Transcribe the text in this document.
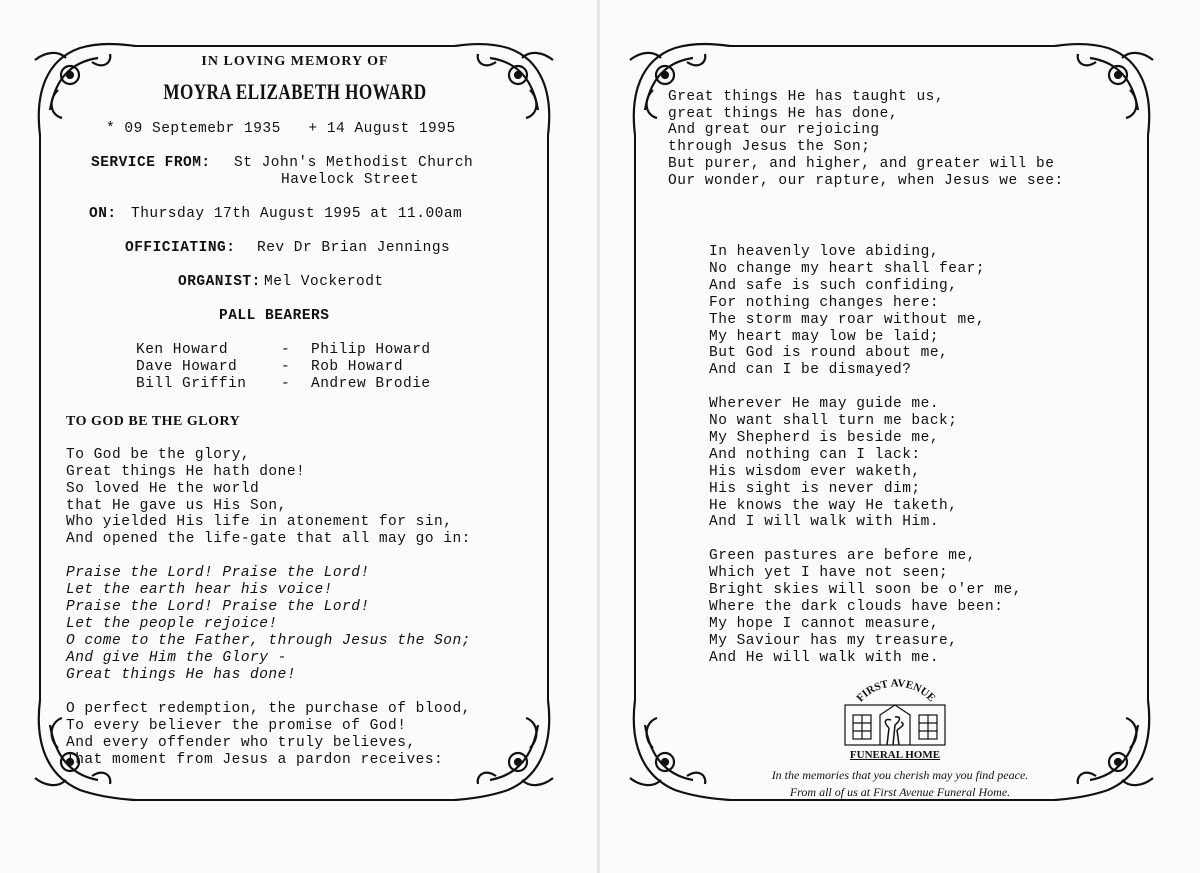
IN LOVING MEMORY OF
MOYRA ELIZABETH HOWARD
* 09 Septemebr 1935   + 14 August 1995
SERVICE FROM: St John's Methodist Church
Havelock Street
ON: Thursday 17th August 1995 at 11.00am
OFFICIATING: Rev Dr Brian Jennings
ORGANIST: Mel Vockerodt
PALL BEARERS
Ken Howard	- Philip Howard
Dave Howard	- Rob Howard
Bill Griffin - Andrew Brodie
TO GOD BE THE GLORY
To God be the glory,
Great things He hath done!
So loved He the world
that He gave us His Son,
Who yielded His life in atonement for sin,
And opened the life-gate that all may go in:
Praise the Lord! Praise the Lord!
Let the earth hear his voice!
Praise the Lord! Praise the Lord!
Let the people rejoice!
O come to the Father, through Jesus the Son;
And give Him the Glory -
Great things He has done!
O perfect redemption, the purchase of blood,
To every believer the promise of God!
And every offender who truly believes,
That moment from Jesus a pardon receives:
Great things He has taught us,
great things He has done,
And great our rejoicing
through Jesus the Son;
But purer, and higher, and greater will be
Our wonder, our rapture, when Jesus we see:
In heavenly love abiding,
No change my heart shall fear;
And safe is such confiding,
For nothing changes here:
The storm may roar without me,
My heart may low be laid;
But God is round about me,
And can I be dismayed?
Wherever He may guide me.
No want shall turn me back;
My Shepherd is beside me,
And nothing can I lack:
His wisdom ever waketh,
His sight is never dim;
He knows the way He taketh,
And I will walk with Him.
Green pastures are before me,
Which yet I have not seen;
Bright skies will soon be o'er me,
Where the dark clouds have been:
My hope I cannot measure,
My Saviour has my treasure,
And He will walk with me.
FIRST AVENUE
FUNERAL HOME
In the memories that you cherish may you find peace.
From all of us at First Avenue Funeral Home.
